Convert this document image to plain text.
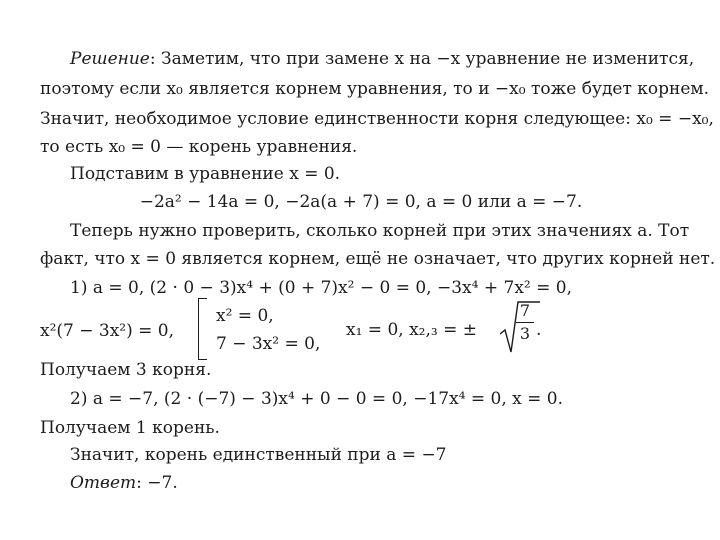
Решение: Заметим, что при замене x на −x уравнение не изменится,
поэтому если x₀ является корнем уравнения, то и −x₀ тоже будет корнем.
Значит, необходимое условие единственности корня следующее: x₀ = −x₀,
то есть x₀ = 0 — корень уравнения.
Подставим в уравнение x = 0.
−2a² − 14a = 0, −2a(a + 7) = 0, a = 0 или a = −7.
Теперь нужно проверить, сколько корней при этих значениях a. Тот
факт, что x = 0 является корнем, ещё не означает, что других корней нет.
1) a = 0, (2 · 0 − 3)x⁴ + (0 + 7)x² − 0 = 0, −3x⁴ + 7x² = 0,
x²(7 − 3x²) = 0,
x² = 0,
7 − 3x² = 0,
x₁ = 0, x₂,₃ = ± $\frac{7}{3}$ .
Получаем 3 корня.
2) a = −7, (2 · (−7) − 3)x⁴ + 0 − 0 = 0, −17x⁴ = 0, x = 0.
Получаем 1 корень.
Значит, корень единственный при a = −7
Ответ: −7.
